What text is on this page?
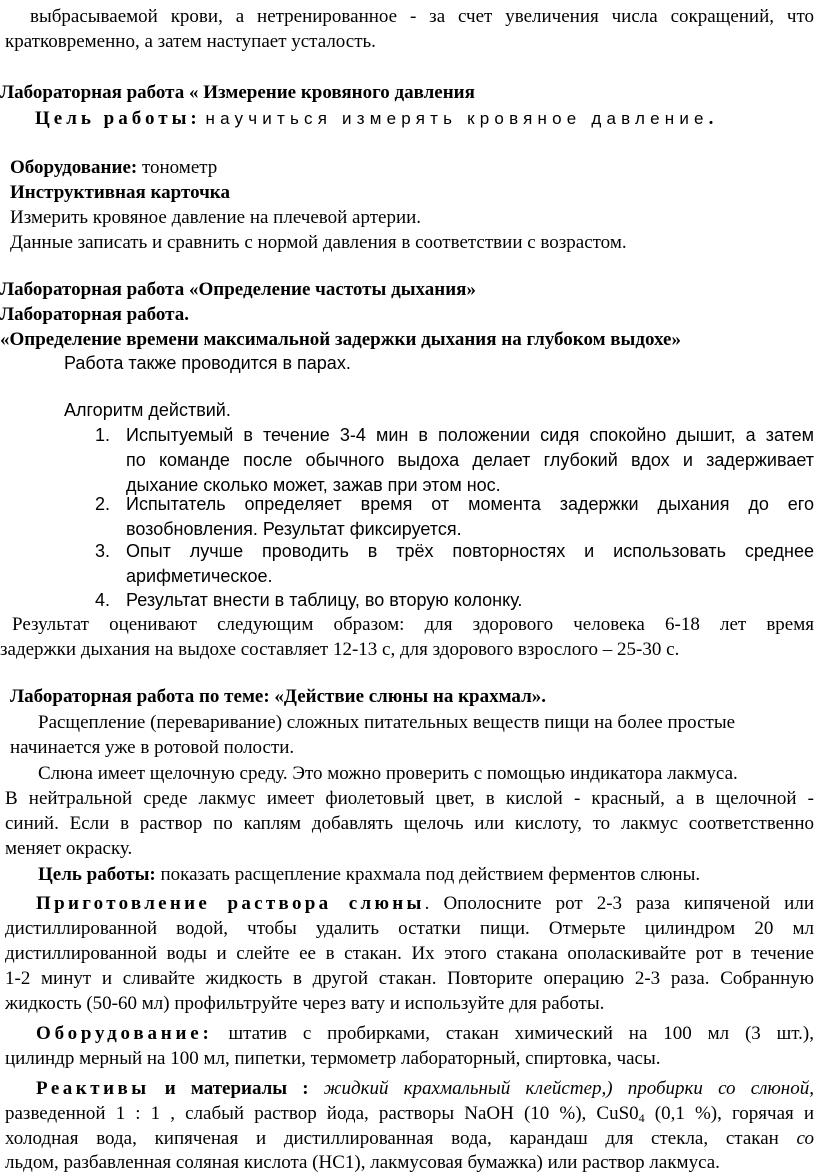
выбрасываемой крови, а нетренированное - за счет увеличения числа сокращений, что
кратковременно, а затем наступает усталость.
Лабораторная работа « Измерение кровяного давления
Цель работы: научиться измерять кровяное давление.
Оборудование: тонометр
Инструктивная карточка
Измерить кровяное давление на плечевой артерии.
Данные записать и сравнить с нормой давления в соответствии с возрастом.
Лабораторная работа «Определение частоты дыхания»
Лабораторная работа.
«Определение времени максимальной задержки дыхания на глубоком выдохе»
Работа также проводится в парах.
Алгоритм действий.
1. Испытуемый в течение 3-4 мин в положении сидя спокойно дышит, а затем
по команде после обычного выдоха делает глубокий вдох и задерживает
дыхание сколько может, зажав при этом нос.
2. Испытатель определяет время от момента задержки дыхания до его
возобновления. Результат фиксируется.
3. Опыт лучше проводить в трёх повторностях и использовать среднее
арифметическое.
4. Результат внести в таблицу, во вторую колонку.
Результат оценивают следующим образом: для здорового человека 6-18 лет время
задержки дыхания на выдохе составляет 12-13 с, для здорового взрослого – 25-30 с.
Лабораторная работа по теме: «Действие слюны на крахмал».
Расщепление (переваривание) сложных питательных веществ пищи на более простые
начинается уже в ротовой полости.
Слюна имеет щелочную среду. Это можно проверить с помощью индикатора лакмуса.
В нейтральной среде лакмус имеет фиолетовый цвет, в кислой - красный, а в щелочной -
синий. Если в раствор по каплям добавлять щелочь или кислоту, то лакмус соответственно
меняет окраску.
Цель работы: показать расщепление крахмала под действием ферментов слюны.
Приготовление раствора слюны. Ополосните рот 2-3 раза кипяченой или
дистиллированной водой, чтобы удалить остатки пищи. Отмерьте цилиндром 20 мл
дистиллированной воды и слейте ее в стакан. Их этого стакана ополаскивайте рот в течение
1-2 минут и сливайте жидкость в другой стакан. Повторите операцию 2-3 раза. Собранную
жидкость (50-60 мл) профильтруйте через вату и используйте для работы.
Оборудование: штатив с пробирками, стакан химический на 100 мл (3 шт.),
цилиндр мерный на 100 мл, пипетки, термометр лабораторный, спиртовка, часы.
Реактивы и материалы : жидкий крахмальный клейстер,) пробирки со слюной,
разведенной 1 : 1 , слабый раствор йода, растворы NaOH (10 %), $CuS0_4$ (0,1 %), горячая и
холодная вода, кипяченая и дистиллированная вода, карандаш для стекла, стакан со
льдом, разбавленная соляная кислота (НС1), лакмусовая бумажка) или раствор лакмуса.
